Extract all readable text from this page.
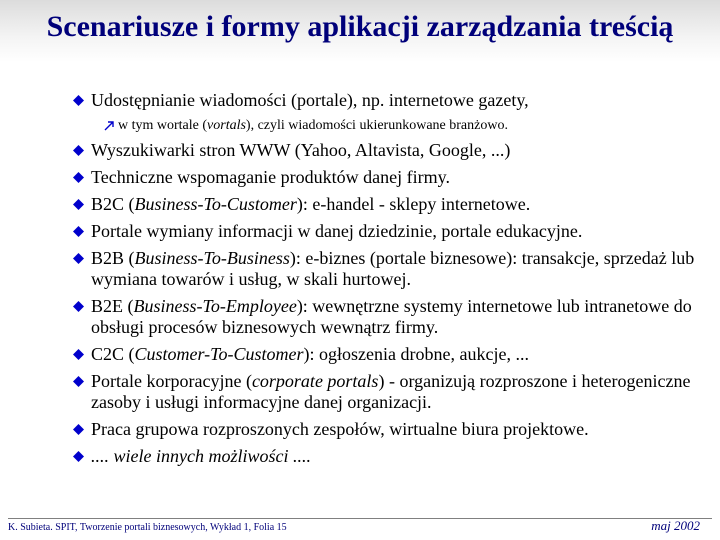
Scenariusze i formy aplikacji zarządzania treścią
Udostępnianie wiadomości (portale), np. internetowe gazety,
w tym wortale (vortals), czyli wiadomości ukierunkowane branżowo.
Wyszukiwarki stron WWW (Yahoo, Altavista, Google, ...)
Techniczne wspomaganie produktów danej firmy.
B2C (Business-To-Customer): e-handel - sklepy internetowe.
Portale wymiany informacji w danej dziedzinie, portale edukacyjne.
B2B (Business-To-Business): e-biznes (portale biznesowe): transakcje, sprzedaż lub wymiana towarów i usług, w skali hurtowej.
B2E (Business-To-Employee): wewnętrzne systemy internetowe lub intranetowe do obsługi procesów biznesowych wewnątrz firmy.
C2C (Customer-To-Customer): ogłoszenia drobne, aukcje, ...
Portale korporacyjne (corporate portals) - organizują rozproszone i heterogeniczne zasoby i usługi informacyjne danej organizacji.
Praca grupowa rozproszonych zespołów, wirtualne biura projektowe.
.... wiele innych możliwości ....
K. Subieta. SPIT, Tworzenie portali biznesowych, Wykład 1, Folia 15	maj 2002
